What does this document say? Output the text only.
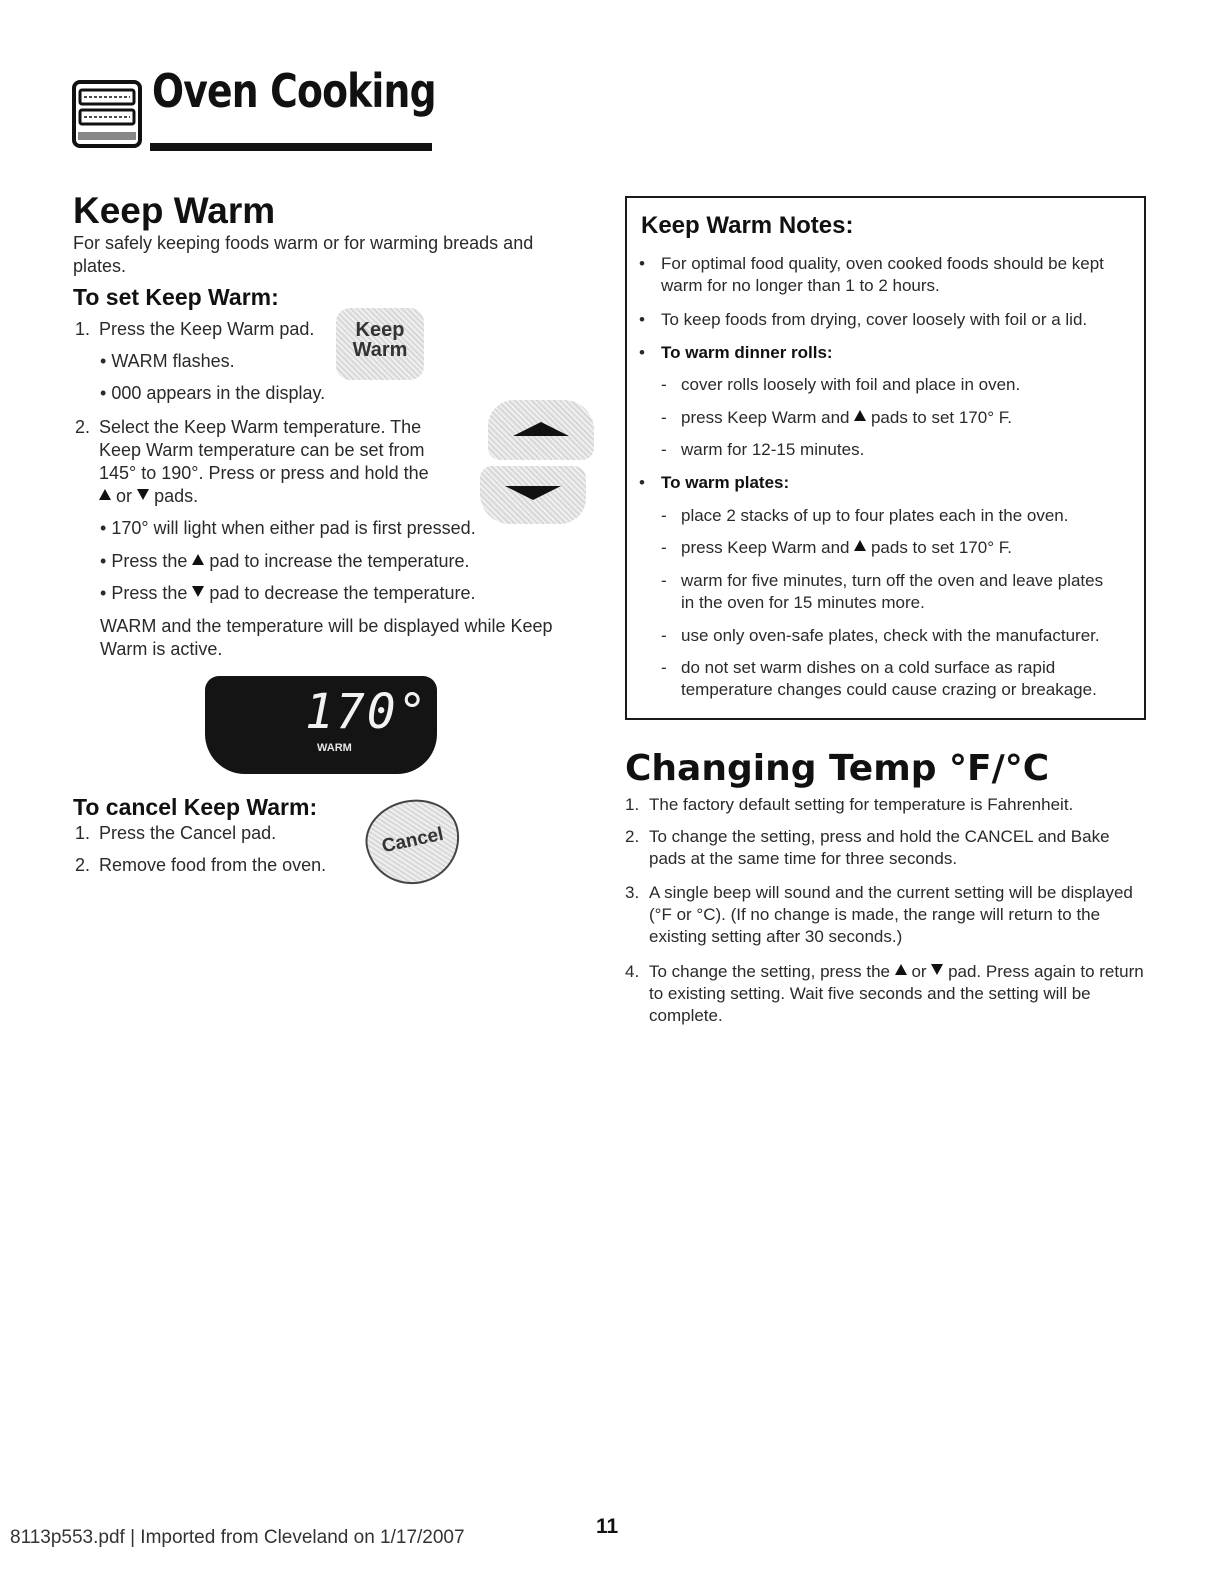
Oven Cooking
Keep Warm
For safely keeping foods warm or for warming breads and plates.
To set Keep Warm:
1. Press the Keep Warm pad.
• WARM flashes.
• 000 appears in the display.
Keep
Warm
2. Select the Keep Warm temperature. The
Keep Warm temperature can be set from
145° to 190°. Press or press and hold the
or pads.
• 170° will light when either pad is first pressed.
• Press the pad to increase the temperature.
• Press the pad to decrease the temperature.
WARM and the temperature will be displayed while Keep Warm is active.
170°
WARM
To cancel Keep Warm:
1. Press the Cancel pad.
2. Remove food from the oven.
Cancel
Keep Warm Notes:
• For optimal food quality, oven cooked foods should be kept
warm for no longer than 1 to 2 hours.
• To keep foods from drying, cover loosely with foil or a lid.
• To warm dinner rolls:
- cover rolls loosely with foil and place in oven.
- press Keep Warm and pads to set 170° F.
- warm for 12-15 minutes.
• To warm plates:
- place 2 stacks of up to four plates each in the oven.
- press Keep Warm and pads to set 170° F.
- warm for five minutes, turn off the oven and leave plates
in the oven for 15 minutes more.
- use only oven-safe plates, check with the manufacturer.
- do not set warm dishes on a cold surface as rapid
temperature changes could cause crazing or breakage.
Changing Temp °F/°C
1. The factory default setting for temperature is Fahrenheit.
2. To change the setting, press and hold the CANCEL and Bake pads at the same time for three seconds.
3. A single beep will sound and the current setting will be displayed (°F or °C). (If no change is made, the range will return to the existing setting after 30 seconds.)
4. To change the setting, press the or pad. Press again to return to existing setting. Wait five seconds and the setting will be complete.
8113p553.pdf | Imported from Cleveland on 1/17/2007	11
